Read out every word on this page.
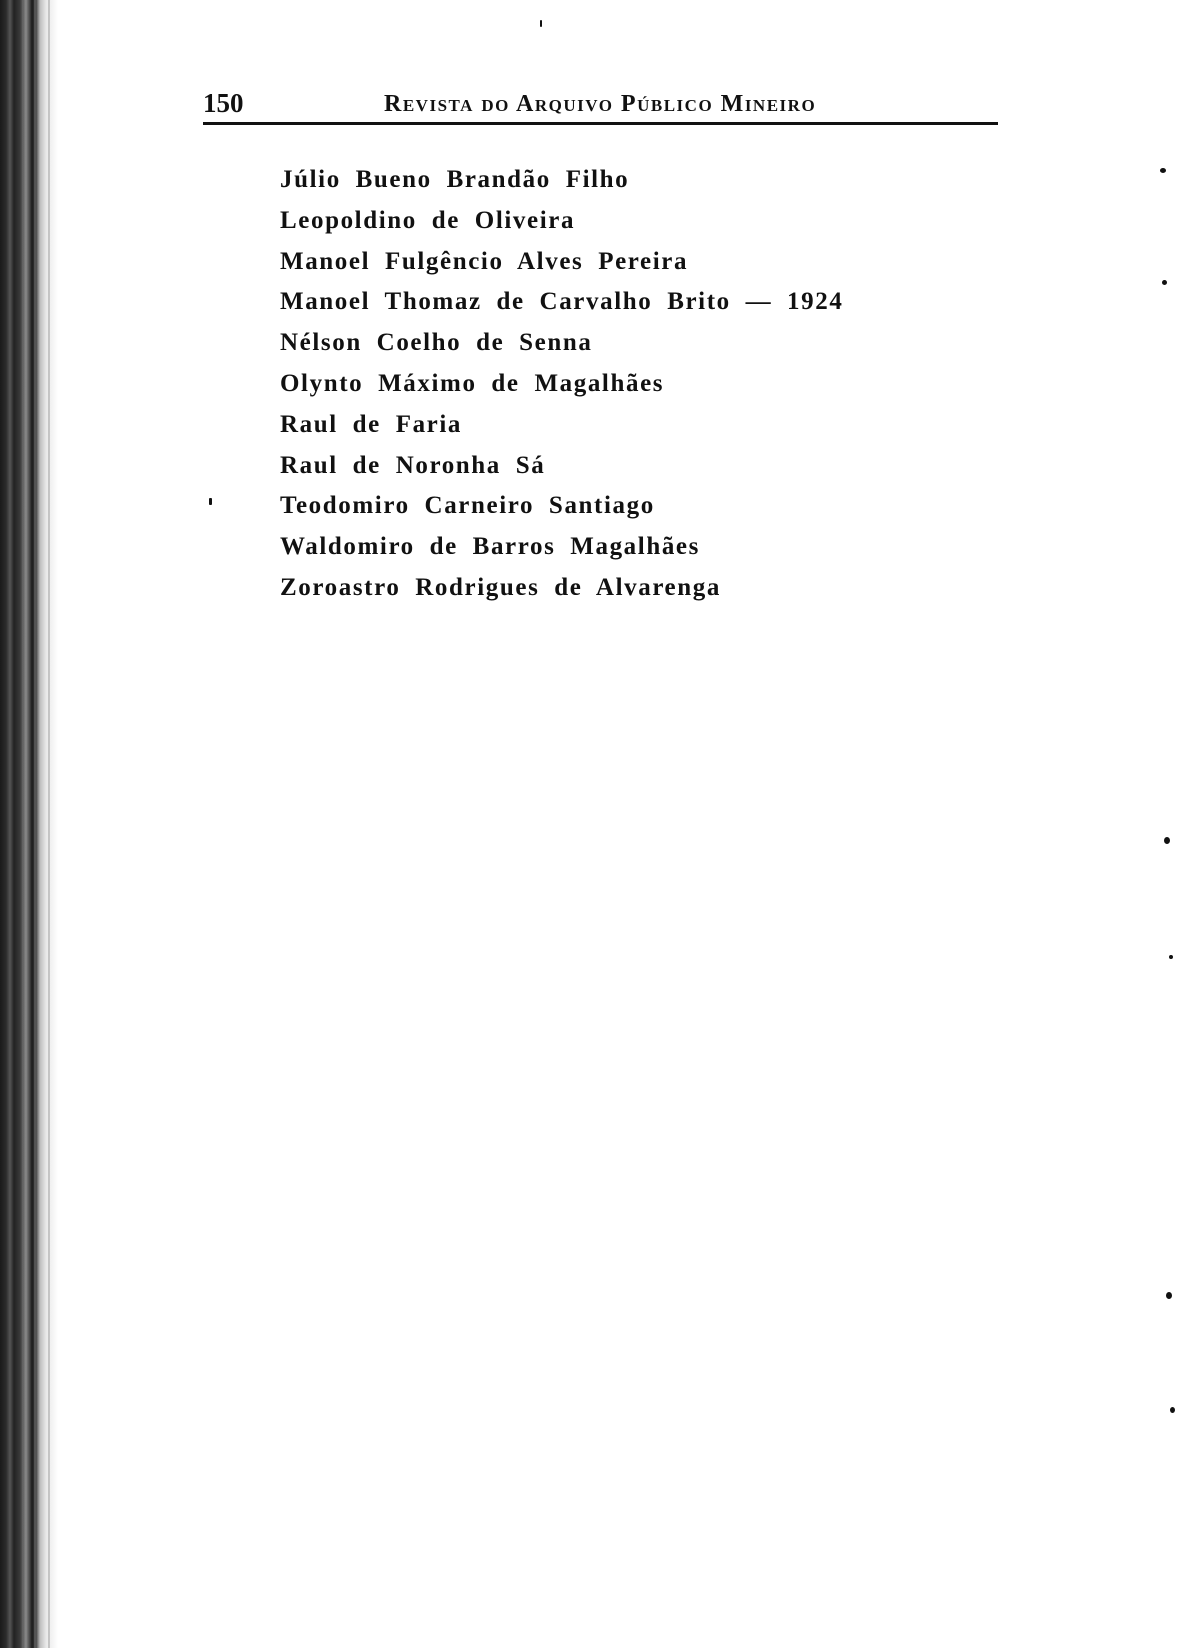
150	Revista do Arquivo Público Mineiro
Júlio Bueno Brandão Filho
Leopoldino de Oliveira
Manoel Fulgêncio Alves Pereira
Manoel Thomaz de Carvalho Brito — 1924
Nélson Coelho de Senna
Olynto Máximo de Magalhães
Raul de Faria
Raul de Noronha Sá
Teodomiro Carneiro Santiago
Waldomiro de Barros Magalhães
Zoroastro Rodrigues de Alvarenga
